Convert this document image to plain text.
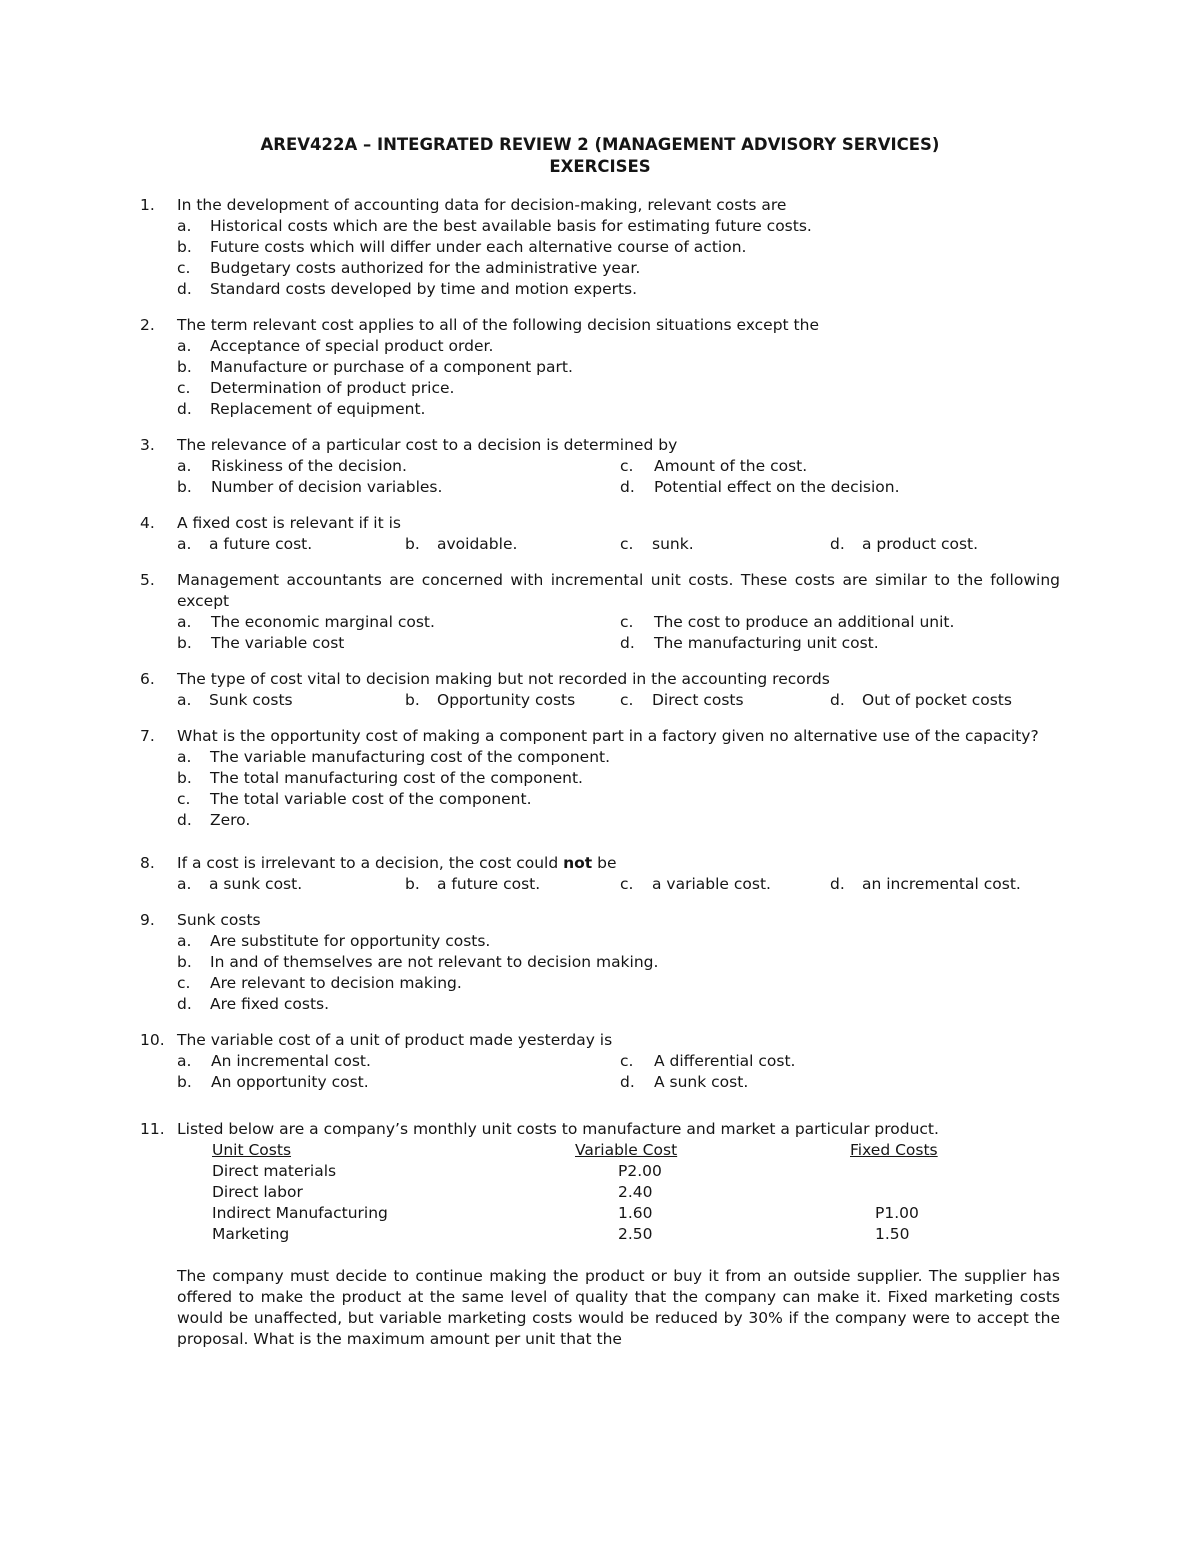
AREV422A – INTEGRATED REVIEW 2 (MANAGEMENT ADVISORY SERVICES)
EXERCISES
1.	In the development of accounting data for decision-making, relevant costs are
a.	Historical costs which are the best available basis for estimating future costs.
b.	Future costs which will differ under each alternative course of action.
c.	Budgetary costs authorized for the administrative year.
d.	Standard costs developed by time and motion experts.
2.	The term relevant cost applies to all of the following decision situations except the
a.	Acceptance of special product order.
b.	Manufacture or purchase of a component part.
c.	Determination of product price.
d.	Replacement of equipment.
3.	The relevance of a particular cost to a decision is determined by
a.	Riskiness of the decision.	c.	Amount of the cost.
b.	Number of decision variables.	d.	Potential effect on the decision.
4.	A fixed cost is relevant if it is
a.	a future cost.	b.	avoidable.	c.	sunk.	d.	a product cost.
5.	Management accountants are concerned with incremental unit costs. These costs are similar to the following except
a.	The economic marginal cost.	c.	The cost to produce an additional unit.
b.	The variable cost	d.	The manufacturing unit cost.
6.	The type of cost vital to decision making but not recorded in the accounting records
a.	Sunk costs	b.	Opportunity costs	c.	Direct costs	d.	Out of pocket costs
7.	What is the opportunity cost of making a component part in a factory given no alternative use of the capacity?
a.	The variable manufacturing cost of the component.
b.	The total manufacturing cost of the component.
c.	The total variable cost of the component.
d.	Zero.
8.	If a cost is irrelevant to a decision, the cost could not be
a.	a sunk cost.	b.	a future cost.	c.	a variable cost.	d.	an incremental cost.
9.	Sunk costs
a.	Are substitute for opportunity costs.
b.	In and of themselves are not relevant to decision making.
c.	Are relevant to decision making.
d.	Are fixed costs.
10. The variable cost of a unit of product made yesterday is
a.	An incremental cost.	c.	A differential cost.
b.	An opportunity cost.	d.	A sunk cost.
11. Listed below are a company’s monthly unit costs to manufacture and market a particular product.
Unit Costs	Variable Cost	Fixed Costs
Direct materials	P2.00
Direct labor	2.40
Indirect Manufacturing	1.60	P1.00
Marketing	2.50	1.50
The company must decide to continue making the product or buy it from an outside supplier. The supplier has offered to make the product at the same level of quality that the company can make it. Fixed marketing costs would be unaffected, but variable marketing costs would be reduced by 30% if the company were to accept the proposal. What is the maximum amount per unit that the
